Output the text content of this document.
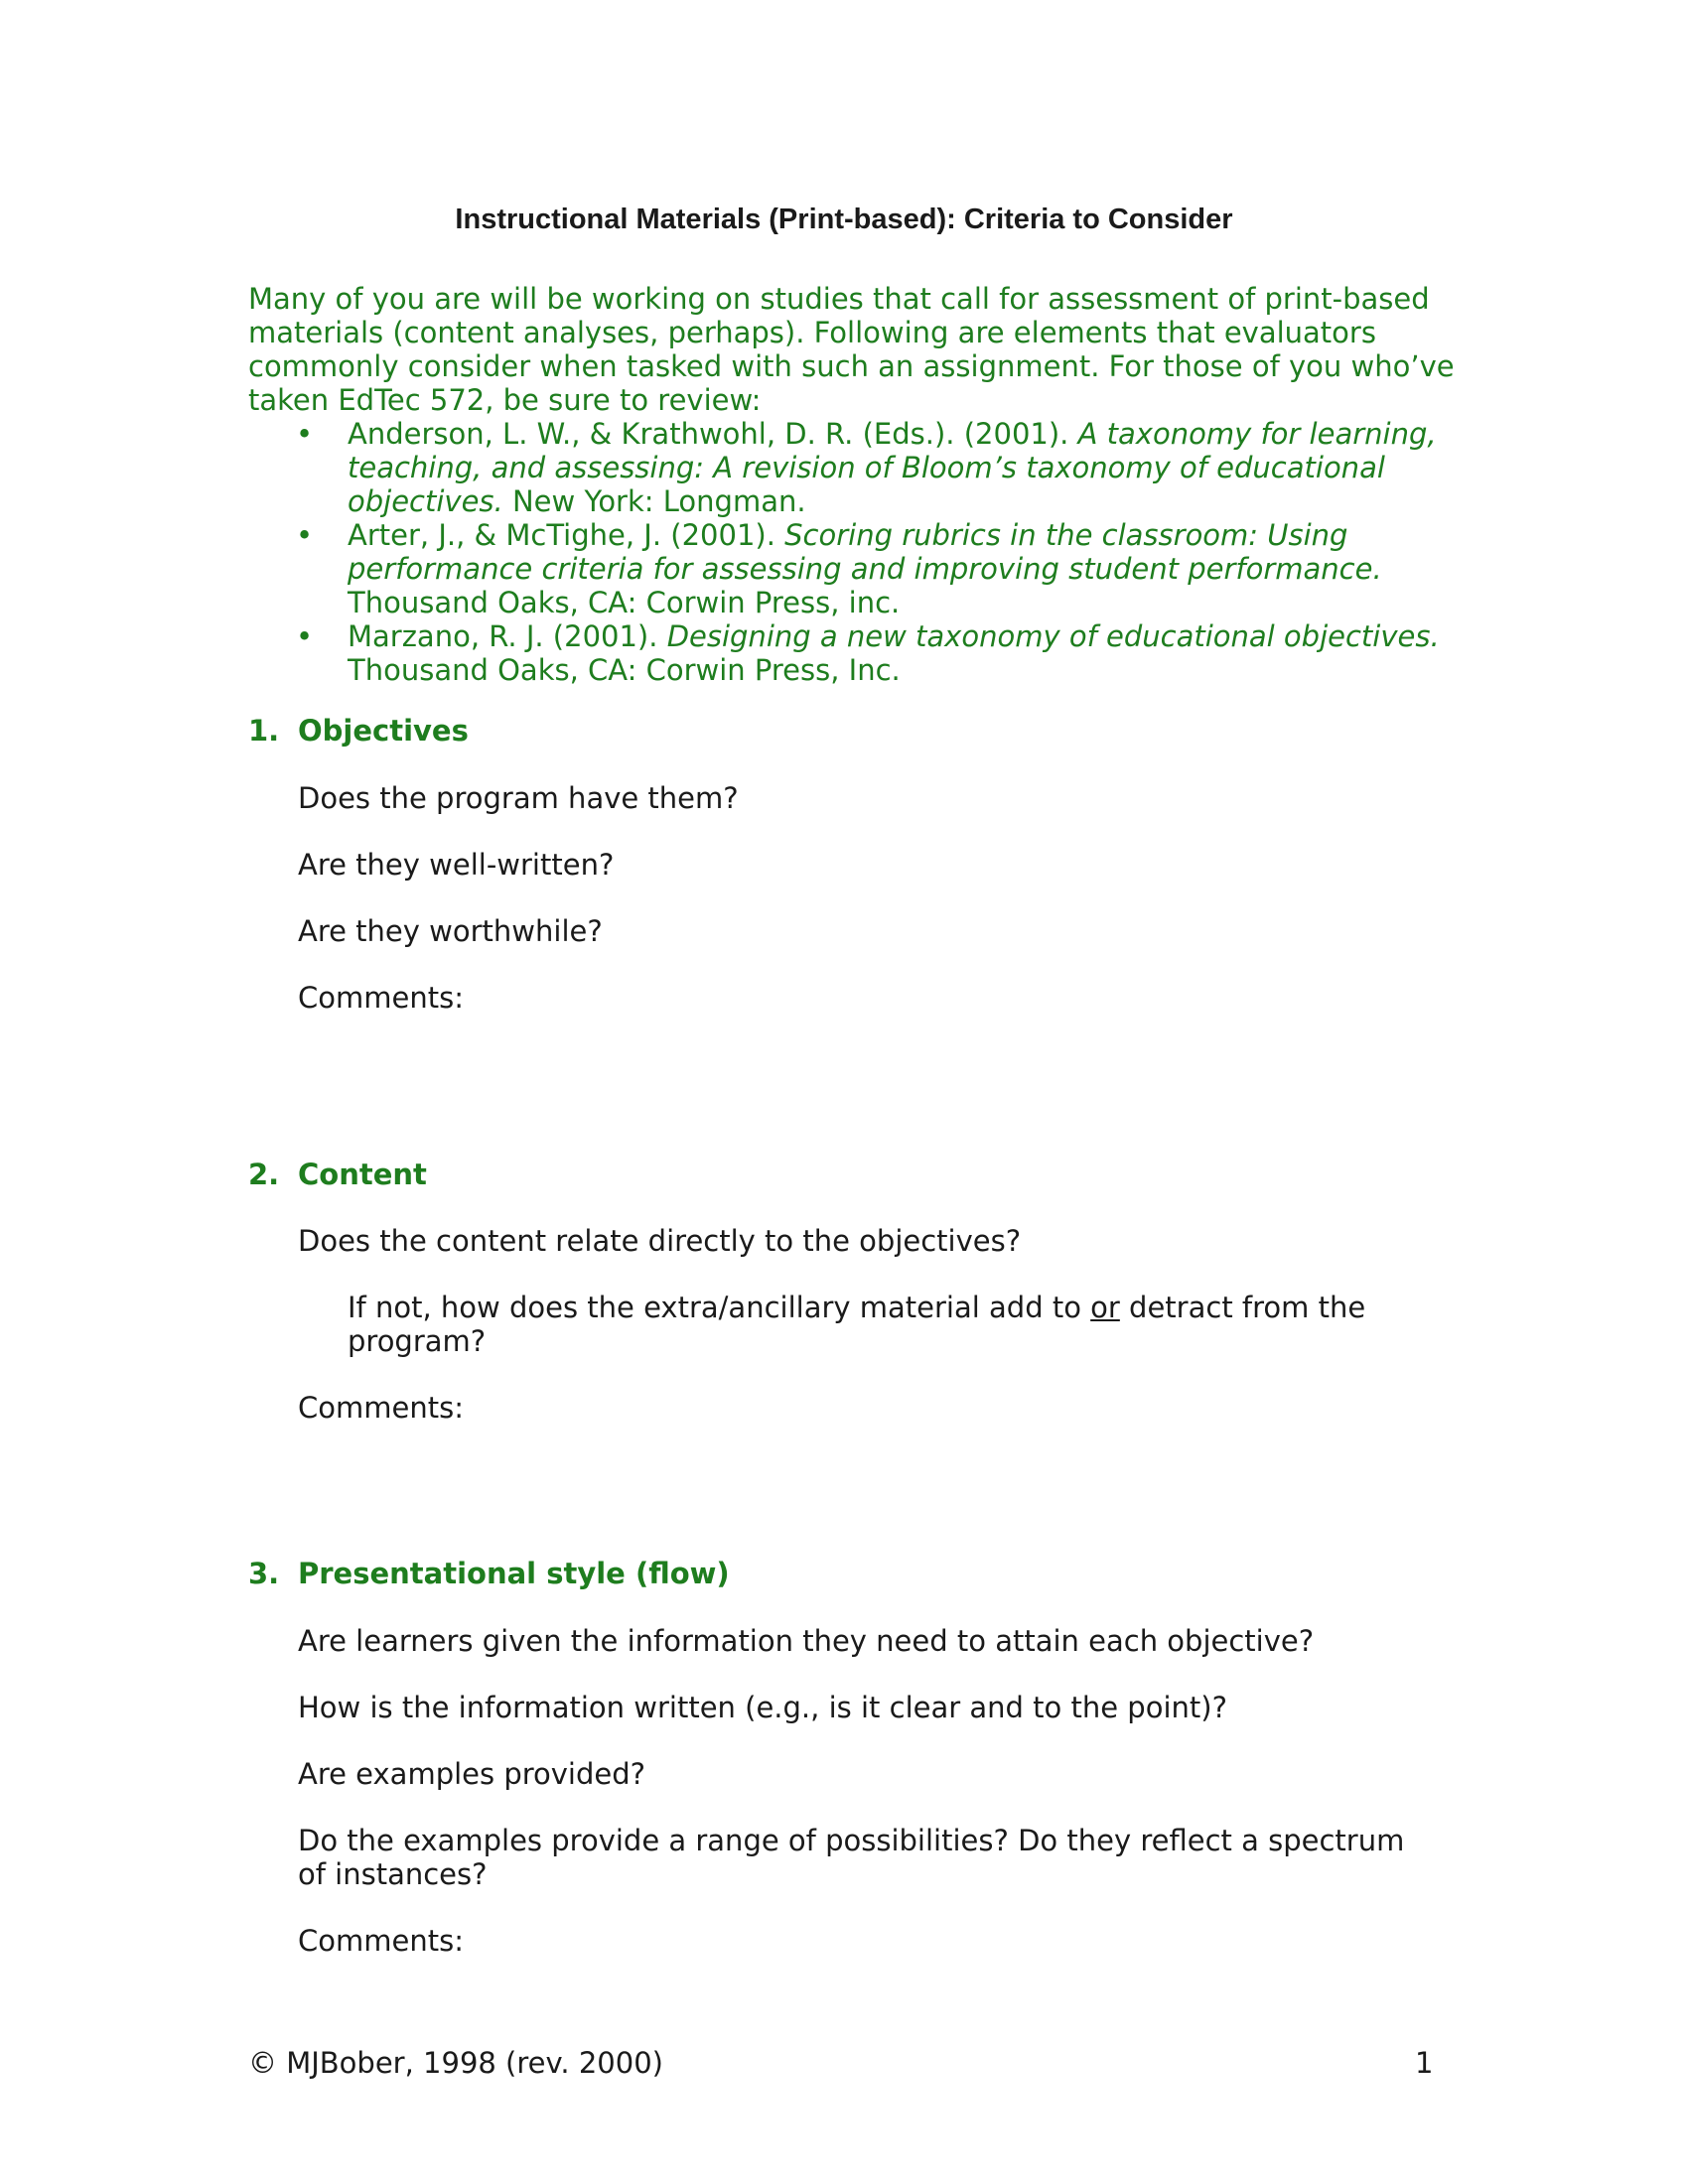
Instructional Materials (Print-based): Criteria to Consider

Many of you are will be working on studies that call for assessment of print-based materials (content analyses, perhaps). Following are elements that evaluators commonly consider when tasked with such an assignment. For those of you who’ve taken EdTec 572, be sure to review:

• Anderson, L. W., & Krathwohl, D. R. (Eds.). (2001). A taxonomy for learning, teaching, and assessing: A revision of Bloom’s taxonomy of educational objectives. New York: Longman.
• Arter, J., & McTighe, J. (2001). Scoring rubrics in the classroom: Using performance criteria for assessing and improving student performance. Thousand Oaks, CA: Corwin Press, inc.
• Marzano, R. J. (2001). Designing a new taxonomy of educational objectives. Thousand Oaks, CA: Corwin Press, Inc.
1. Objectives

Does the program have them?

Are they well-written?

Are they worthwhile?

Comments:

2. Content

Does the content relate directly to the objectives?

If not, how does the extra/ancillary material add to or detract from the program?

Comments:

3. Presentational style (flow)

Are learners given the information they need to attain each objective?

How is the information written (e.g., is it clear and to the point)?

Are examples provided?

Do the examples provide a range of possibilities? Do they reflect a spectrum of instances?

Comments:

© MJBober, 1998 (rev. 2000)	1
